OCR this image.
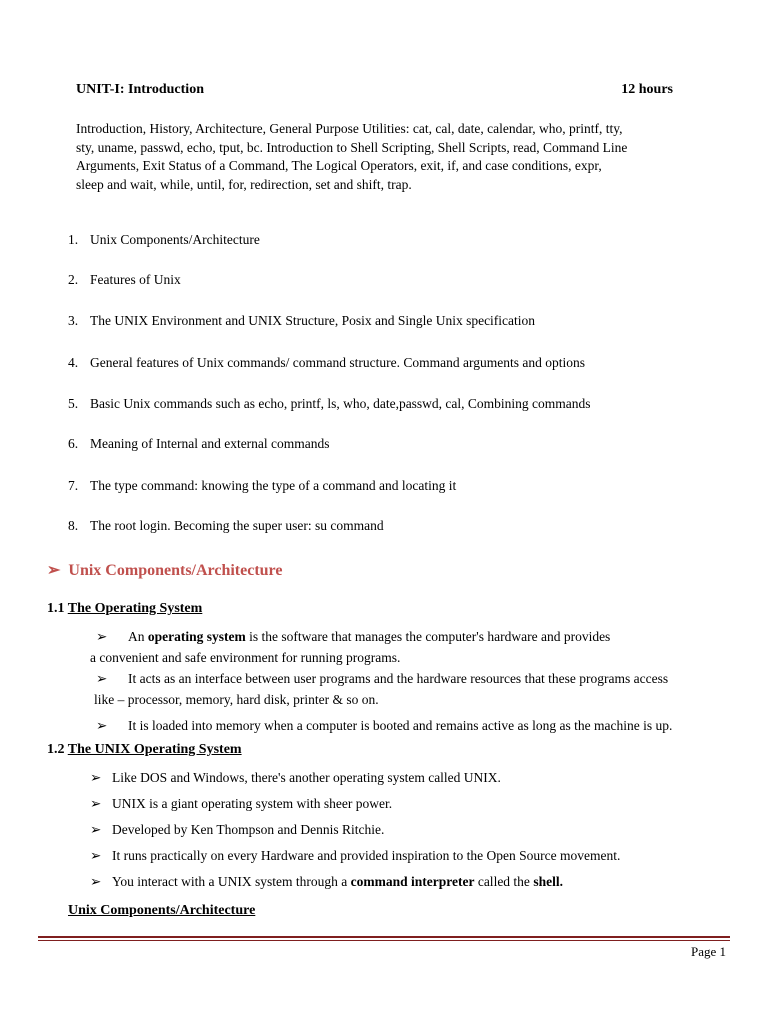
UNIT-I: Introduction	12 hours
Introduction, History, Architecture, General Purpose Utilities: cat, cal, date, calendar, who, printf, tty,
sty, uname, passwd, echo, tput, bc. Introduction to Shell Scripting, Shell Scripts, read, Command Line
Arguments, Exit Status of a Command, The Logical Operators, exit, if, and case conditions, expr,
sleep and wait, while, until, for, redirection, set and shift, trap.
1. Unix Components/Architecture
2. Features of Unix
3. The UNIX Environment and UNIX Structure, Posix and Single Unix specification
4. General features of Unix commands/ command structure. Command arguments and options
5. Basic Unix commands such as echo, printf, ls, who, date,passwd, cal, Combining commands
6. Meaning of Internal and external commands
7. The type command: knowing the type of a command and locating it
8. The root login. Becoming the super user: su command
➢ Unix Components/Architecture
1.1 The Operating System
➢ An operating system is the software that manages the computer's hardware and provides
a convenient and safe environment for running programs.
➢ It acts as an interface between user programs and the hardware resources that these programs access
like – processor, memory, hard disk, printer & so on.
➢ It is loaded into memory when a computer is booted and remains active as long as the machine is up.
1.2 The UNIX Operating System
➢ Like DOS and Windows, there's another operating system called UNIX.
➢ UNIX is a giant operating system with sheer power.
➢ Developed by Ken Thompson and Dennis Ritchie.
➢ It runs practically on every Hardware and provided inspiration to the Open Source movement.
➢ You interact with a UNIX system through a command interpreter called the shell.
Unix Components/Architecture
Page 1
